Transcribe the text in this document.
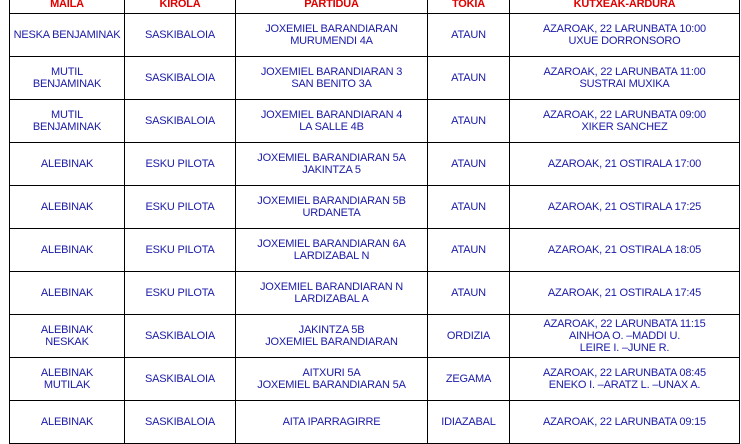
MAILA	KIROLA	PARTIDUA	TOKIA	KUTXEAK-ARDURA

NESKA BENJAMINAK	SASKIBALOIA	JOXEMIEL BARANDIARAN
MURUMENDI 4A	ATAUN	AZAROAK, 22 LARUNBATA 10:00
UXUE DORRONSORO

MUTIL
BENJAMINAK	SASKIBALOIA	JOXEMIEL BARANDIARAN 3
SAN BENITO 3A	ATAUN	AZAROAK, 22 LARUNBATA 11:00
SUSTRAI MUXIKA

MUTIL
BENJAMINAK	SASKIBALOIA	JOXEMIEL BARANDIARAN 4
LA SALLE 4B	ATAUN	AZAROAK, 22 LARUNBATA 09:00
XIKER SANCHEZ

ALEBINAK	ESKU PILOTA	JOXEMIEL BARANDIARAN 5A
JAKINTZA 5	ATAUN	AZAROAK, 21 OSTIRALA 17:00

ALEBINAK	ESKU PILOTA	JOXEMIEL BARANDIARAN 5B
URDANETA	ATAUN	AZAROAK, 21 OSTIRALA 17:25

ALEBINAK	ESKU PILOTA	JOXEMIEL BARANDIARAN 6A
LARDIZABAL N	ATAUN	AZAROAK, 21 OSTIRALA 18:05

ALEBINAK	ESKU PILOTA	JOXEMIEL BARANDIARAN N
LARDIZABAL A	ATAUN	AZAROAK, 21 OSTIRALA 17:45

ALEBINAK
NESKAK	SASKIBALOIA	JAKINTZA 5B
JOXEMIEL BARANDIARAN	ORDIZIA	AZAROAK, 22 LARUNBATA 11:15
AINHOA O. –MADDI U.
LEIRE I. –JUNE R.

ALEBINAK
MUTILAK	SASKIBALOIA	AITXURI 5A
JOXEMIEL BARANDIARAN 5A	ZEGAMA	AZAROAK, 22 LARUNBATA 08:45
ENEKO I. –ARATZ L. –UNAX A.

ALEBINAK	SASKIBALOIA	AITA IPARRAGIRRE	IDIAZABAL	AZAROAK, 22 LARUNBATA 09:15
